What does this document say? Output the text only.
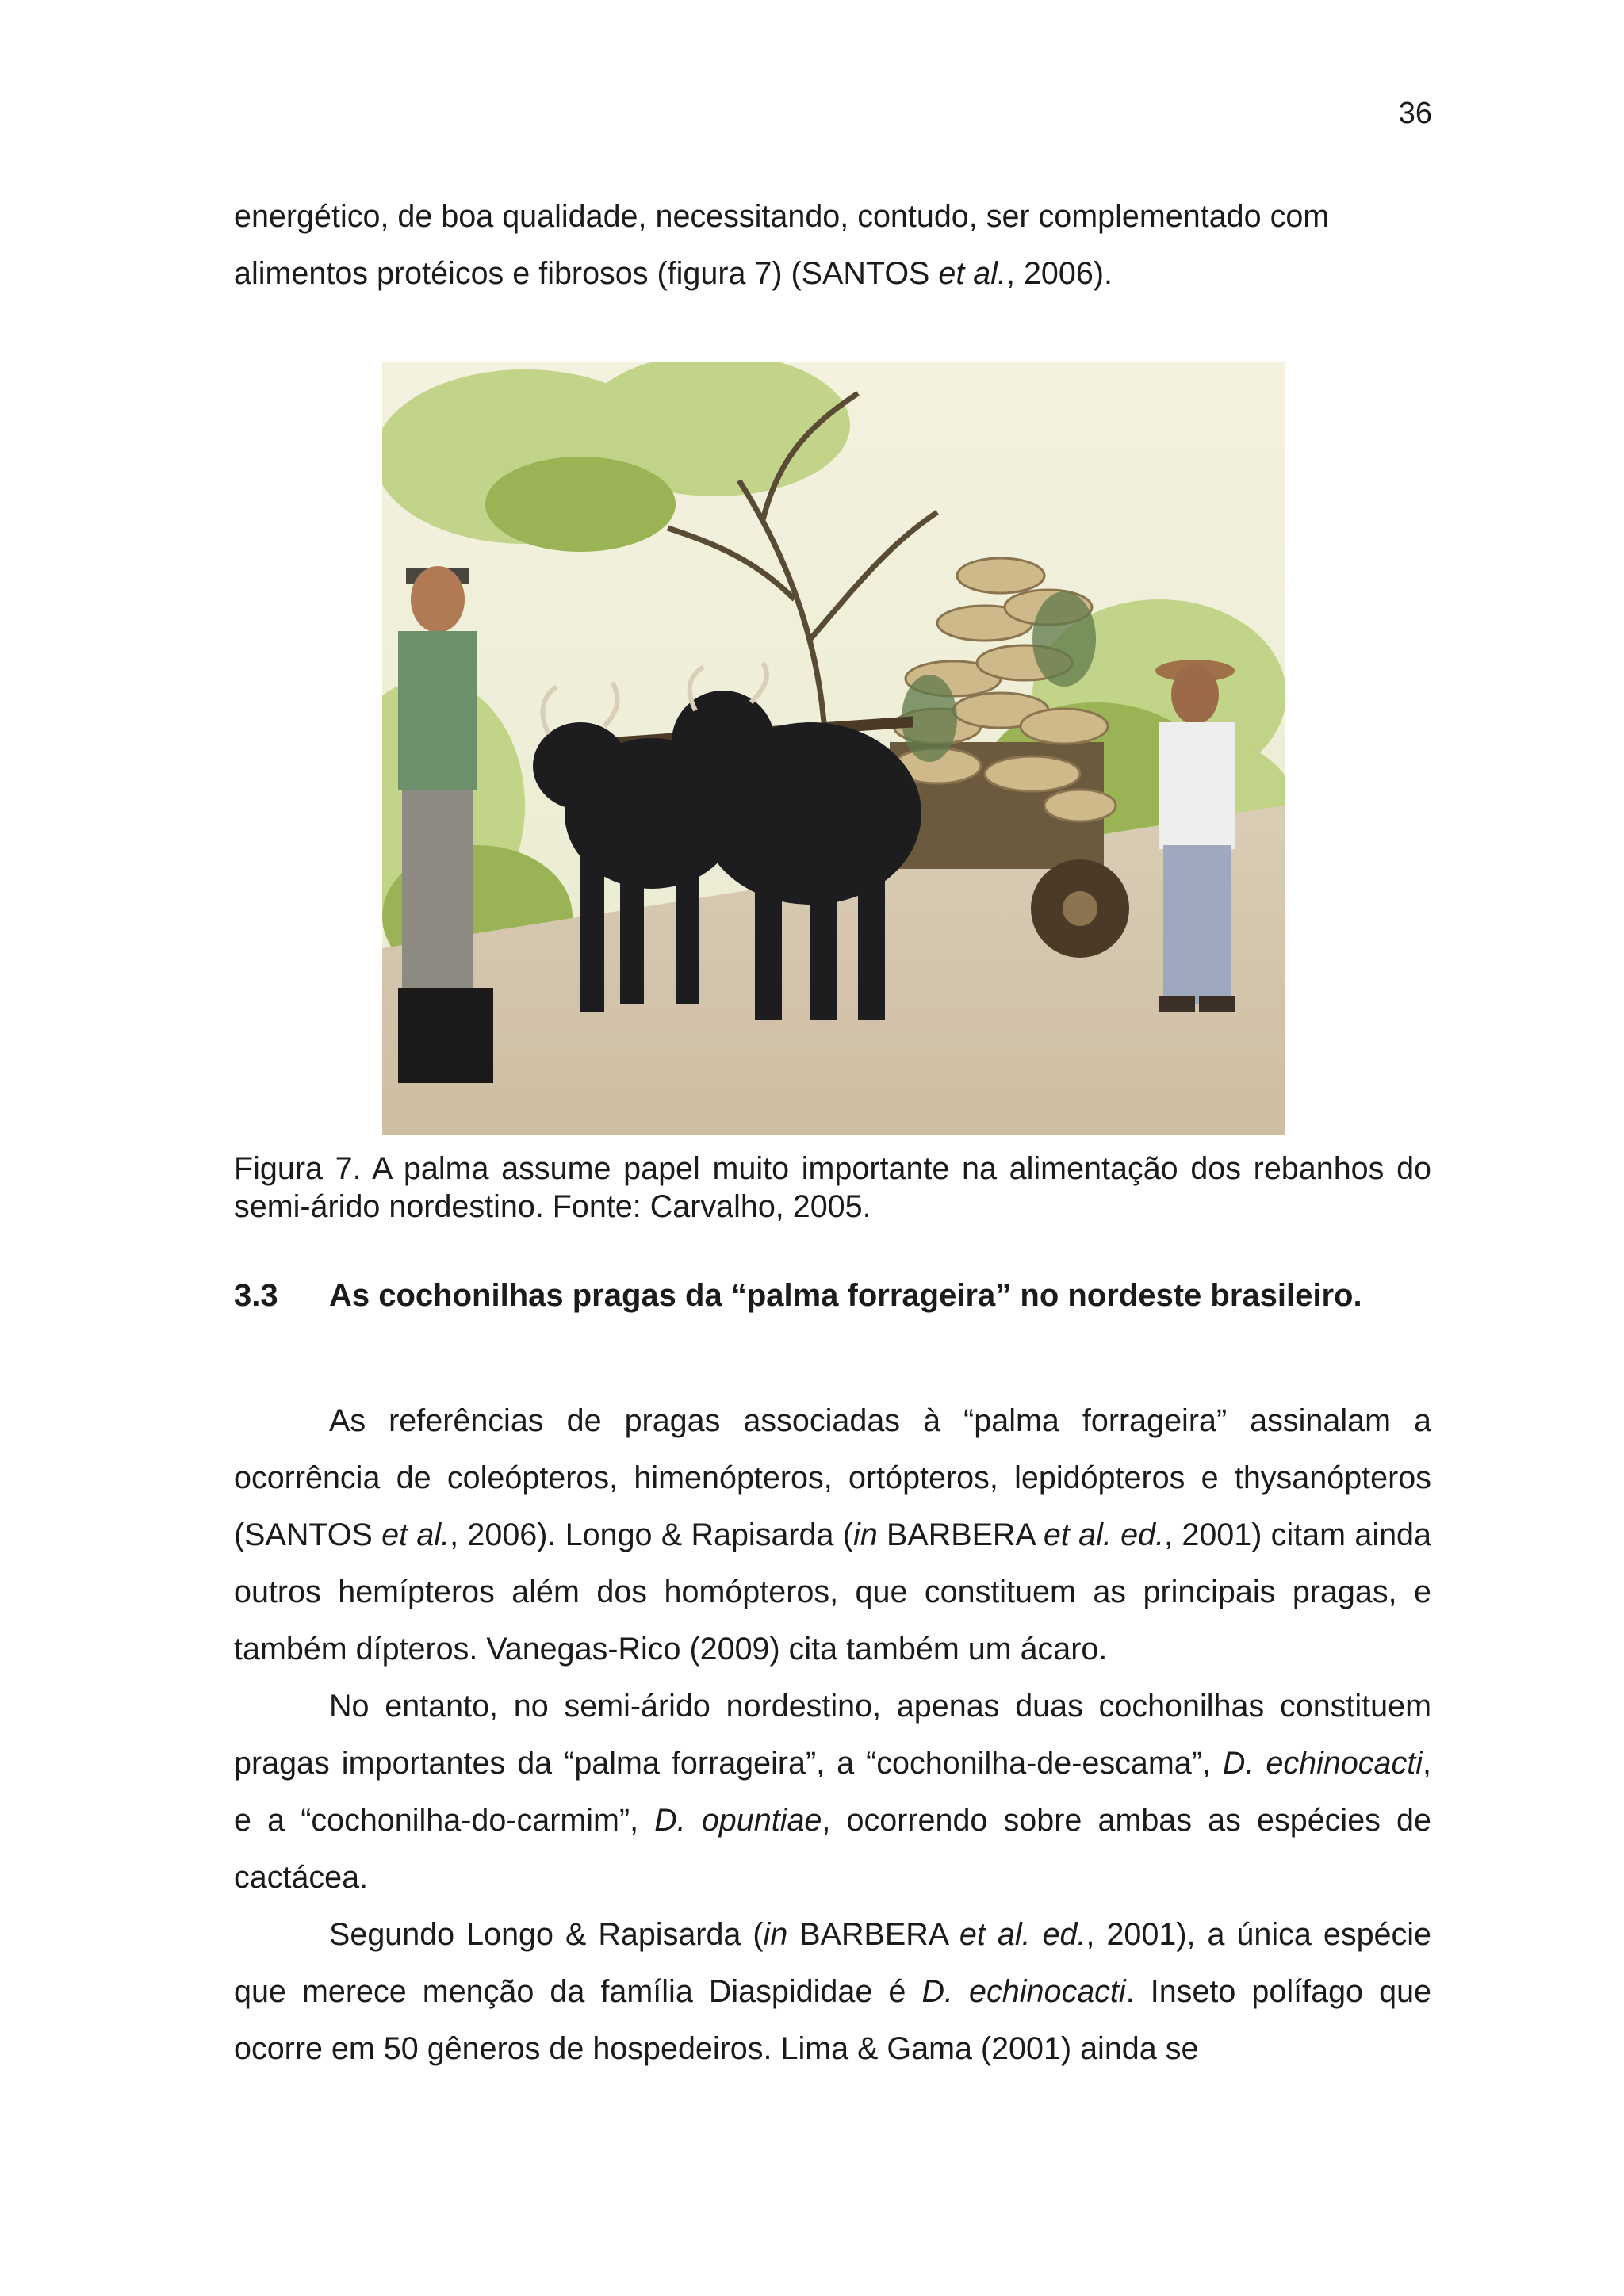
36

energético, de boa qualidade, necessitando, contudo, ser complementado com

alimentos protéicos e fibrosos (figura 7) (SANTOS et al., 2006).

Figura 7. A palma assume papel muito importante na alimentação dos rebanhos do semi-árido nordestino. Fonte: Carvalho, 2005.
3.3 As cochonilhas pragas da “palma forrageira” no nordeste brasileiro.

As referências de pragas associadas à “palma forrageira” assinalam a ocorrência de coleópteros, himenópteros, ortópteros, lepidópteros e thysanópteros (SANTOS et al., 2006). Longo & Rapisarda (in BARBERA et al. ed., 2001) citam ainda outros hemípteros além dos homópteros, que constituem as principais pragas, e também dípteros. Vanegas-Rico (2009) cita também um ácaro.

No entanto, no semi-árido nordestino, apenas duas cochonilhas constituem pragas importantes da “palma forrageira”, a “cochonilha-de-escama”, D. echinocacti, e a “cochonilha-do-carmim”, D. opuntiae, ocorrendo sobre ambas as espécies de cactácea.

Segundo Longo & Rapisarda (in BARBERA et al. ed., 2001), a única espécie que merece menção da família Diaspididae é D. echinocacti. Inseto polífago que ocorre em 50 gêneros de hospedeiros. Lima & Gama (2001) ainda se
